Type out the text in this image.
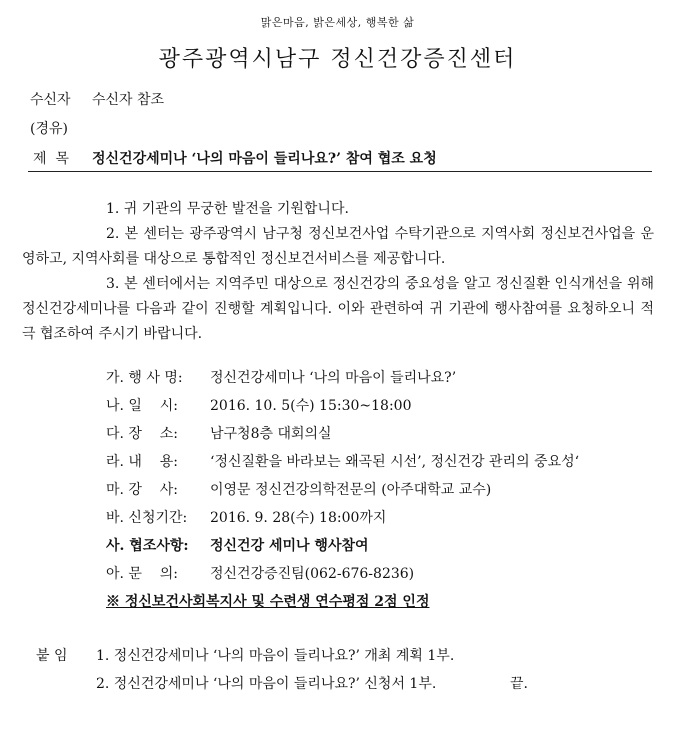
맑은마음, 밝은세상, 행복한 삶
광주광역시남구 정신건강증진센터
수신자 수신자 참조
(경유)
제  목 정신건강세미나 ‘나의 마음이 들리나요?’ 참여 협조 요청
1. 귀 기관의 무궁한 발전을 기원합니다.
2. 본 센터는 광주광역시 남구청 정신보건사업 수탁기관으로 지역사회 정신보건사업을 운영하고, 지역사회를 대상으로 통합적인 정신보건서비스를 제공합니다.
3. 본 센터에서는 지역주민 대상으로 정신건강의 중요성을 알고 정신질환 인식개선을 위해 정신건강세미나를 다음과 같이 진행할 계획입니다. 이와 관련하여 귀 기관에 행사참여를 요청하오니 적극 협조하여 주시기 바랍니다.
가. 행 사 명: 정신건강세미나 ‘나의 마음이 들리나요?’
나. 일    시: 2016. 10. 5(수) 15:30~18:00
다. 장    소: 남구청8층 대회의실
라. 내    용: ‘정신질환을 바라보는 왜곡된 시선’, 정신건강 관리의 중요성‘
마. 강    사: 이영문 정신건강의학전문의 (아주대학교 교수)
바. 신청기간: 2016. 9. 28(수) 18:00까지
사. 협조사항: 정신건강 세미나 행사참여
아. 문    의: 정신건강증진팀(062-676-8236)
※ 정신보건사회복지사 및 수련생 연수평점 2점 인정
붙 임 1. 정신건강세미나 ‘나의 마음이 들리나요?’ 개최 계획 1부.
2. 정신건강세미나 ‘나의 마음이 들리나요?’ 신청서 1부.	끝.
